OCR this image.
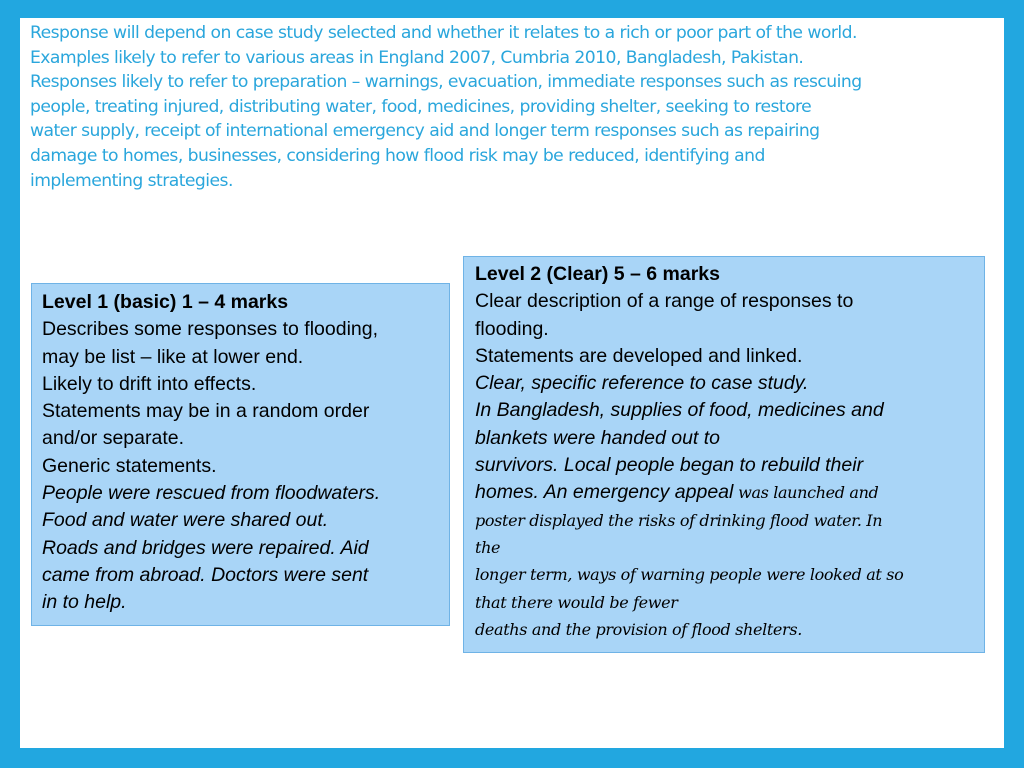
Response will depend on case study selected and whether it relates to a rich or poor part of the world.
Examples likely to refer to various areas in England 2007, Cumbria 2010, Bangladesh, Pakistan.
Responses likely to refer to preparation – warnings, evacuation, immediate responses such as rescuing
people, treating injured, distributing water, food, medicines, providing shelter, seeking to restore
water supply, receipt of international emergency aid and longer term responses such as repairing
damage to homes, businesses, considering how flood risk may be reduced, identifying and
implementing strategies.

Level 1 (basic) 1 – 4 marks
Describes some responses to flooding,
may be list – like at lower end.
Likely to drift into effects.
Statements may be in a random order
and/or separate.
Generic statements.
People were rescued from floodwaters.
Food and water were shared out.
Roads and bridges were repaired. Aid
came from abroad. Doctors were sent
in to help.
Level 2 (Clear) 5 – 6 marks
Clear description of a range of responses to
flooding.
Statements are developed and linked.
Clear, specific reference to case study.
In Bangladesh, supplies of food, medicines and
blankets were handed out to
survivors. Local people began to rebuild their
homes. An emergency appeal was launched and
poster displayed the risks of drinking flood water. In
the
longer term, ways of warning people were looked at so
that there would be fewer
deaths and the provision of flood shelters.
